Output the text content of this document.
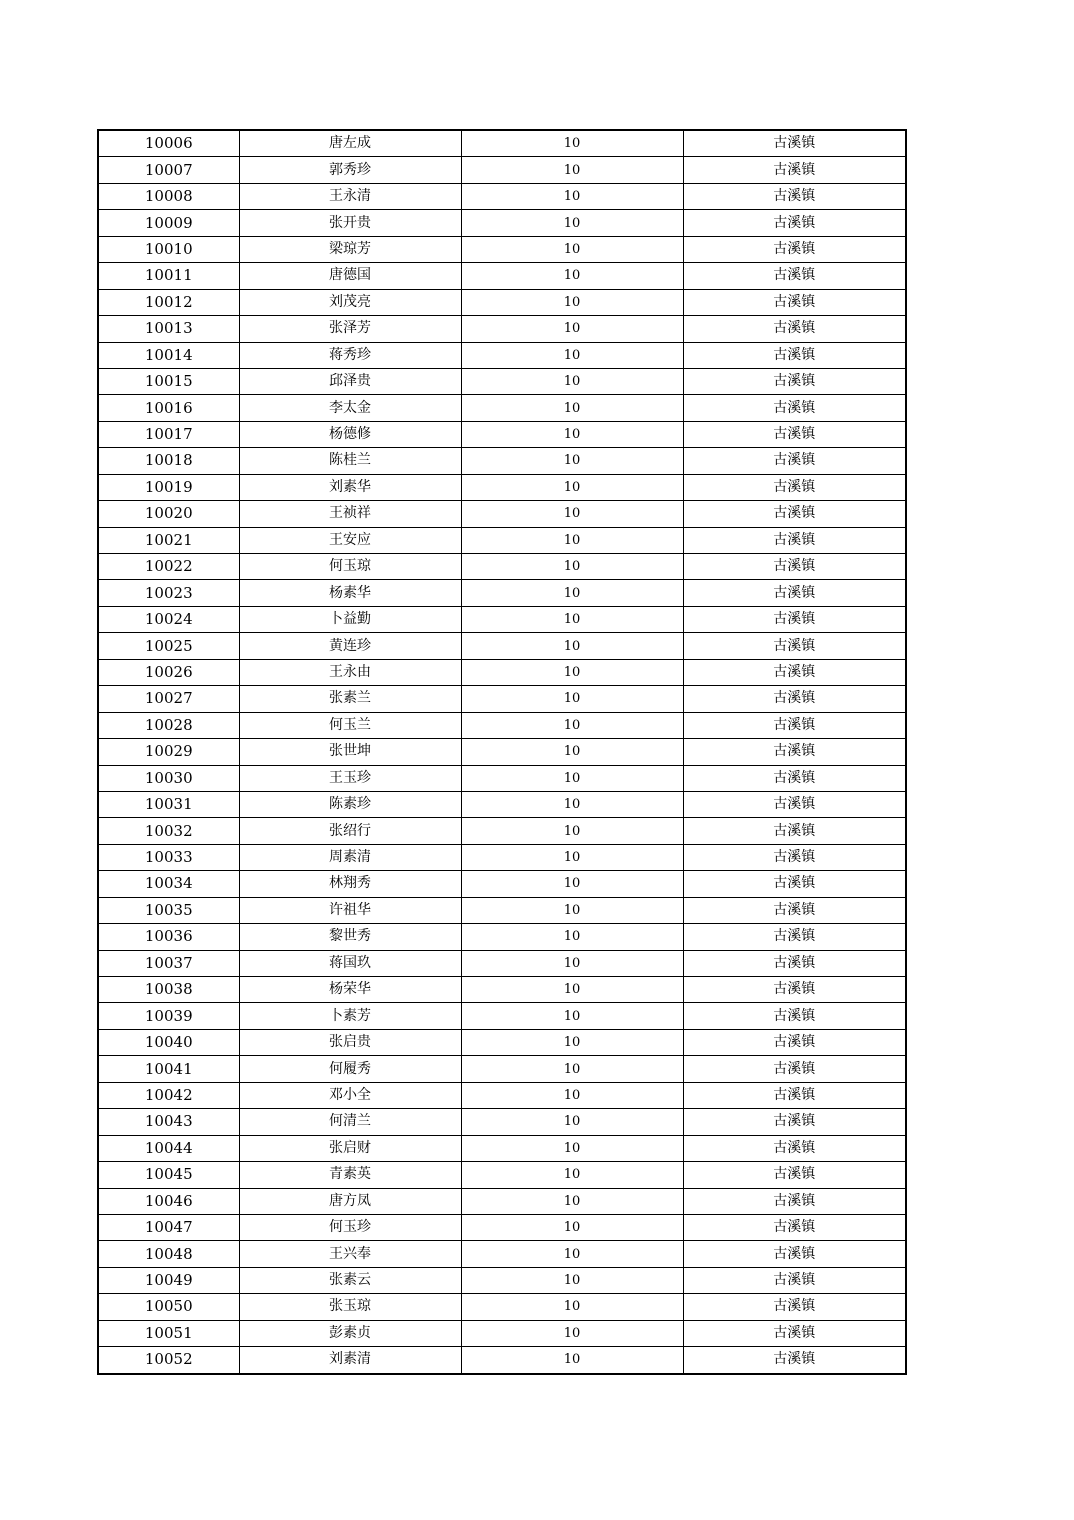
10006	唐左成	10	古溪镇
10007	郭秀珍	10	古溪镇
10008	王永清	10	古溪镇
10009	张开贵	10	古溪镇
10010	梁琼芳	10	古溪镇
10011	唐德国	10	古溪镇
10012	刘茂亮	10	古溪镇
10013	张泽芳	10	古溪镇
10014	蒋秀珍	10	古溪镇
10015	邱泽贵	10	古溪镇
10016	李太金	10	古溪镇
10017	杨德修	10	古溪镇
10018	陈桂兰	10	古溪镇
10019	刘素华	10	古溪镇
10020	王祯祥	10	古溪镇
10021	王安应	10	古溪镇
10022	何玉琼	10	古溪镇
10023	杨素华	10	古溪镇
10024	卜益勤	10	古溪镇
10025	黄连珍	10	古溪镇
10026	王永由	10	古溪镇
10027	张素兰	10	古溪镇
10028	何玉兰	10	古溪镇
10029	张世坤	10	古溪镇
10030	王玉珍	10	古溪镇
10031	陈素珍	10	古溪镇
10032	张绍行	10	古溪镇
10033	周素清	10	古溪镇
10034	林翔秀	10	古溪镇
10035	许祖华	10	古溪镇
10036	黎世秀	10	古溪镇
10037	蒋国玖	10	古溪镇
10038	杨荣华	10	古溪镇
10039	卜素芳	10	古溪镇
10040	张启贵	10	古溪镇
10041	何履秀	10	古溪镇
10042	邓小全	10	古溪镇
10043	何清兰	10	古溪镇
10044	张启财	10	古溪镇
10045	青素英	10	古溪镇
10046	唐方凤	10	古溪镇
10047	何玉珍	10	古溪镇
10048	王兴奉	10	古溪镇
10049	张素云	10	古溪镇
10050	张玉琼	10	古溪镇
10051	彭素贞	10	古溪镇
10052	刘素清	10	古溪镇
